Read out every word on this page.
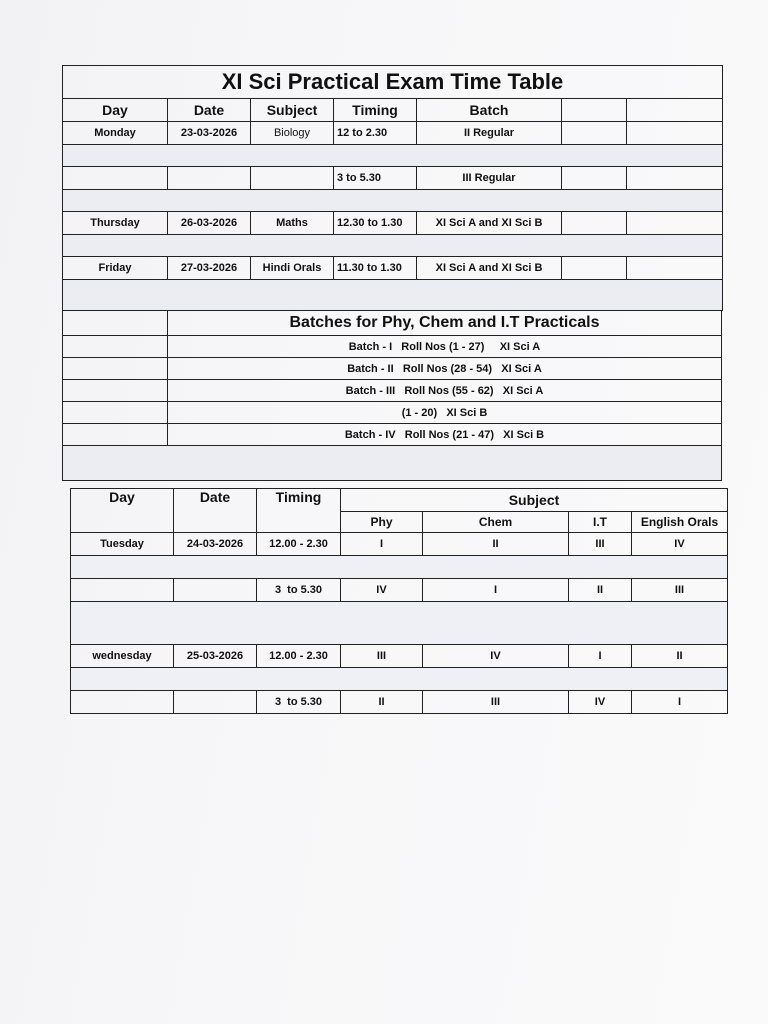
XI Sci Practical Exam Time Table						
Day	Date	Subject	Timing	Batch		
Monday	23-03-2026	Biology	12 to 2.30	II Regular		

			3 to 5.30	III Regular		

Thursday	26-03-2026	Maths	12.30 to 1.30	XI Sci A and XI Sci B		

Friday	27-03-2026	Hindi Orals	11.30 to 1.30	XI Sci A and XI Sci B		

	Batches for Phy, Chem and I.T Practicals
	Batch - I   Roll Nos (1 - 27)     XI Sci A
	Batch - II   Roll Nos (28 - 54)   XI Sci A
	Batch - III   Roll Nos (55 - 62)   XI Sci A
	(1 - 20)   XI Sci B
	Batch - IV   Roll Nos (21 - 47)   XI Sci B

Day	Date	Timing	Subject			
			Phy	Chem	I.T	English Orals
Tuesday	24-03-2026	12.00 - 2.30	I	II	III	IV

		3  to 5.30	IV	I	II	III

wednesday	25-03-2026	12.00 - 2.30	III	IV	I	II

		3  to 5.30	II	III	IV	I
